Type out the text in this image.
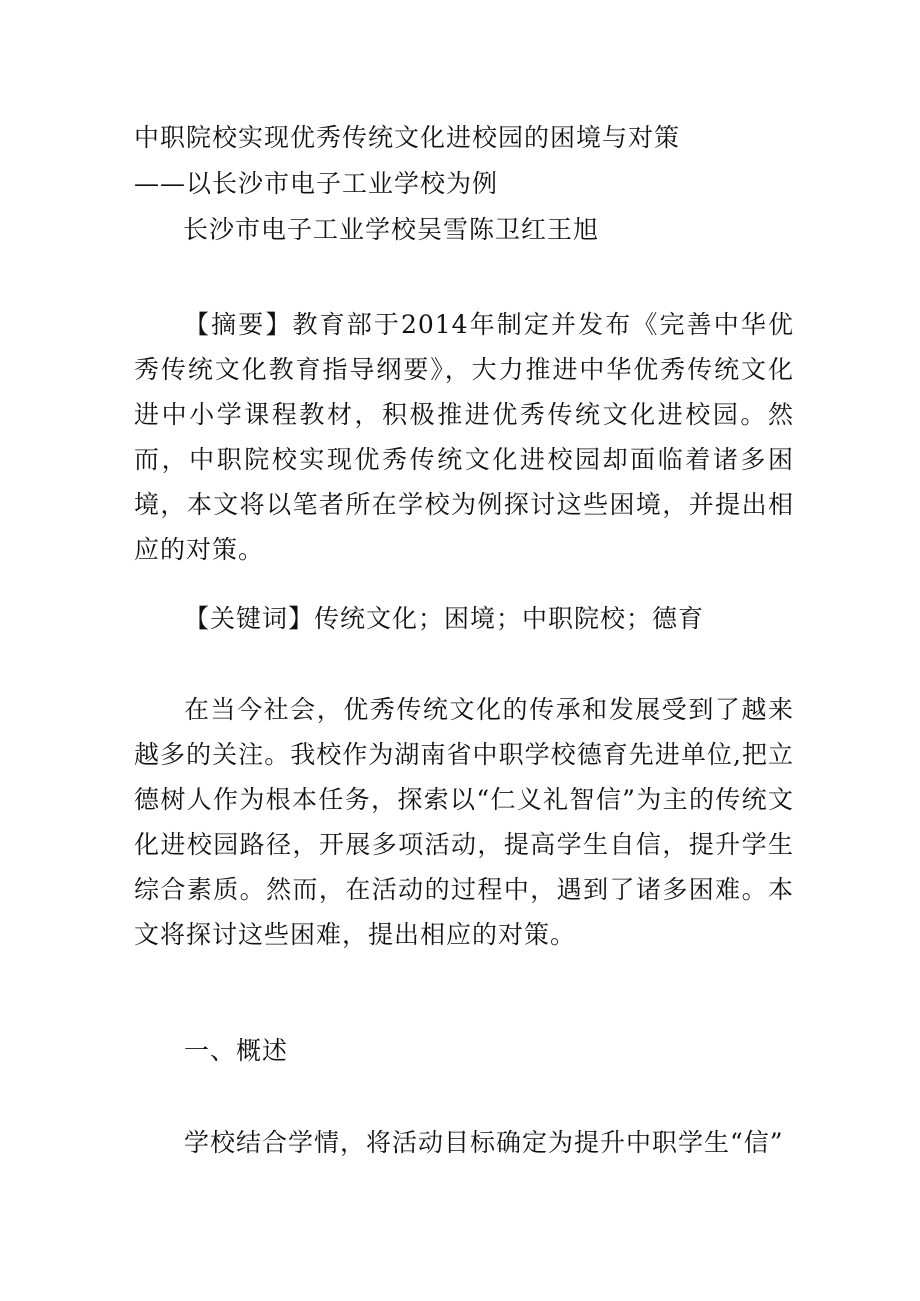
中职院校实现优秀传统文化进校园的困境与对策
——以长沙市电子工业学校为例
长沙市电子工业学校吴雪陈卫红王旭
【摘要】教育部于2014年制定并发布《完善中华优秀传统文化教育指导纲要》，大力推进中华优秀传统文化进中小学课程教材，积极推进优秀传统文化进校园。然而，中职院校实现优秀传统文化进校园却面临着诸多困境，本文将以笔者所在学校为例探讨这些困境，并提出相应的对策。
【关键词】传统文化；困境；中职院校；德育
在当今社会，优秀传统文化的传承和发展受到了越来越多的关注。我校作为湖南省中职学校德育先进单位,把立德树人作为根本任务，探索以“仁义礼智信”为主的传统文化进校园路径，开展多项活动，提高学生自信，提升学生综合素质。然而，在活动的过程中，遇到了诸多困难。本文将探讨这些困难，提出相应的对策。
一、概述
学校结合学情，将活动目标确定为提升中职学生“信”
